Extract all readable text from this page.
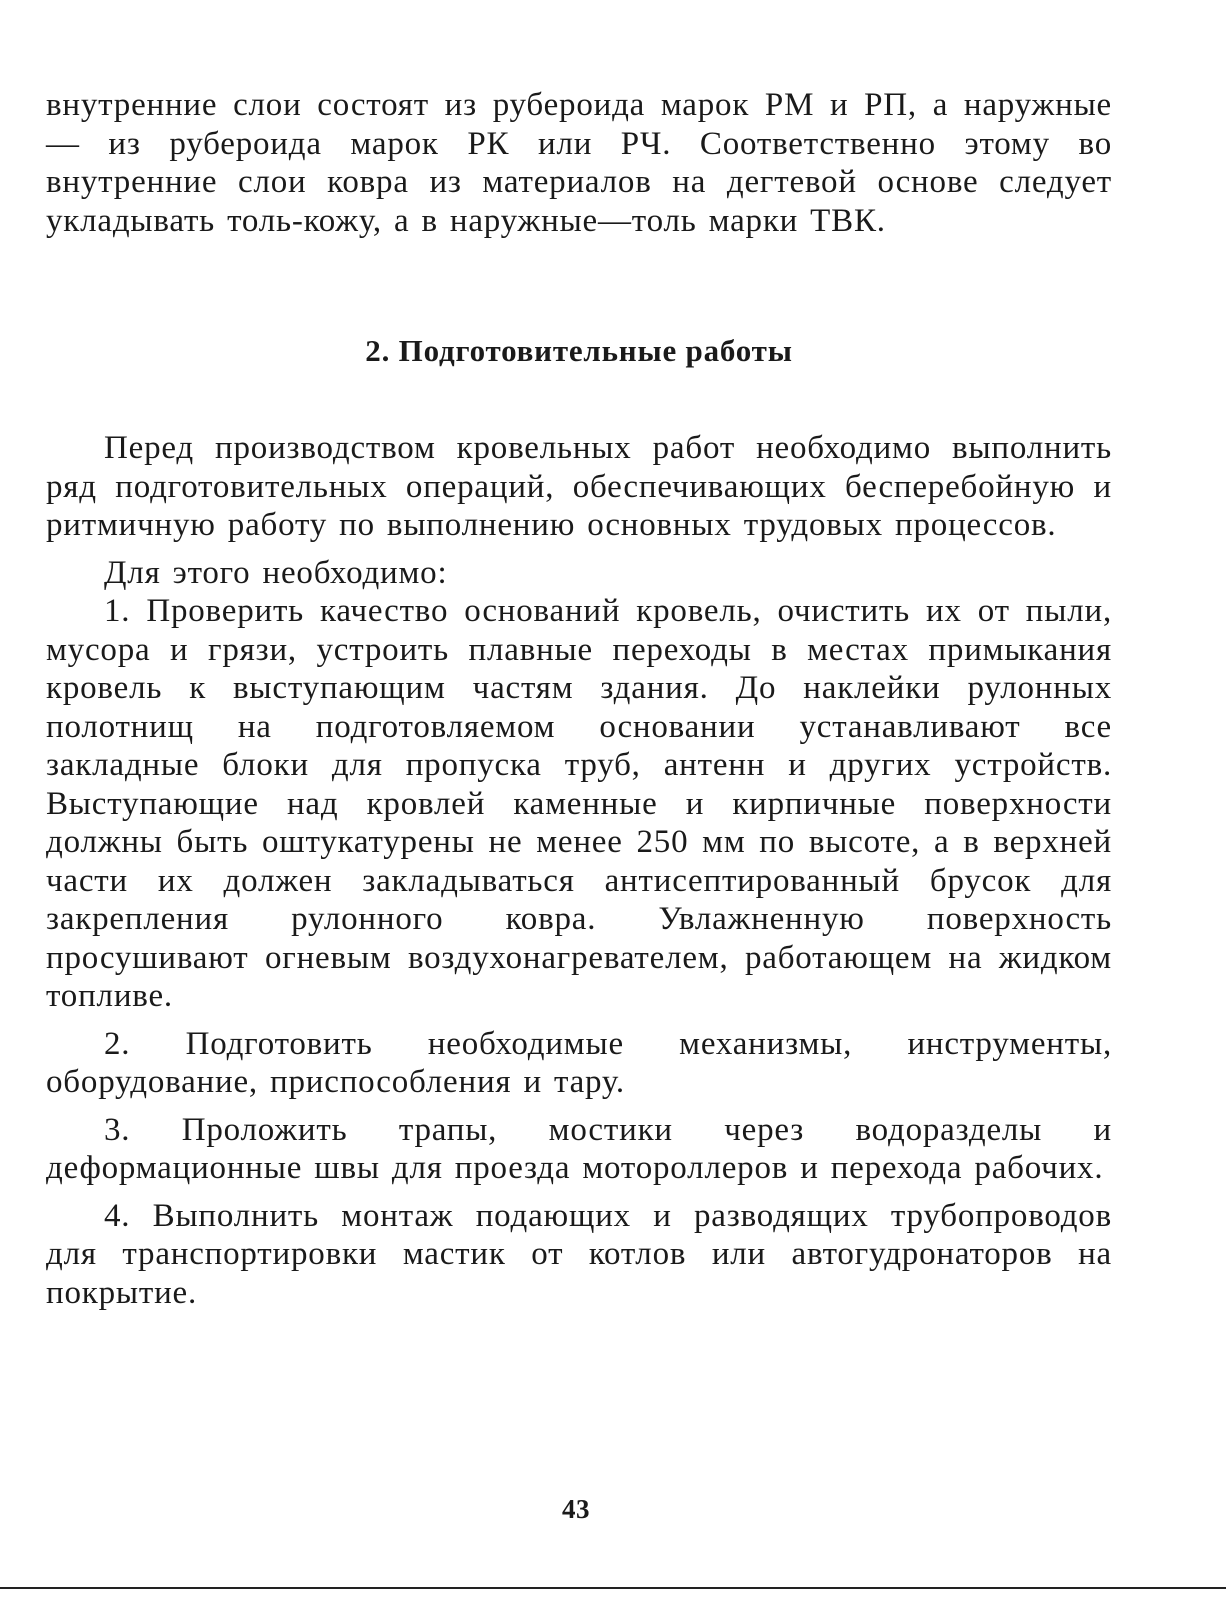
внутренние слои состоят из рубероида марок РМ и РП, а наружные — из рубероида марок РК или РЧ. Соответственно этому во внутренние слои ковра из материалов на дегтевой основе следует укладывать толь-кожу, а в наружные—толь марки ТВК.

2. Подготовительные работы

Перед производством кровельных работ необходимо выполнить ряд подготовительных операций, обеспечивающих бесперебойную и ритмичную работу по выполнению основных трудовых процессов.

Для этого необходимо:

1. Проверить качество оснований кровель, очистить их от пыли, мусора и грязи, устроить плавные переходы в местах примыкания кровель к выступающим частям здания. До наклейки рулонных полотнищ на подготовляемом основании устанавливают все закладные блоки для пропуска труб, антенн и других устройств. Выступающие над кровлей каменные и кирпичные поверхности должны быть оштукатурены не менее 250 мм по высоте, а в верхней части их должен закладываться антисептированный брусок для закрепления рулонного ковра. Увлажненную поверхность просушивают огневым воздухонагревателем, работающем на жидком топливе.

2. Подготовить необходимые механизмы, инструменты, оборудование, приспособления и тару.

3. Проложить трапы, мостики через водоразделы и деформационные швы для проезда мотороллеров и перехода рабочих.

4. Выполнить монтаж подающих и разводящих трубопроводов для транспортировки мастик от котлов или автогудронаторов на покрытие.

43
